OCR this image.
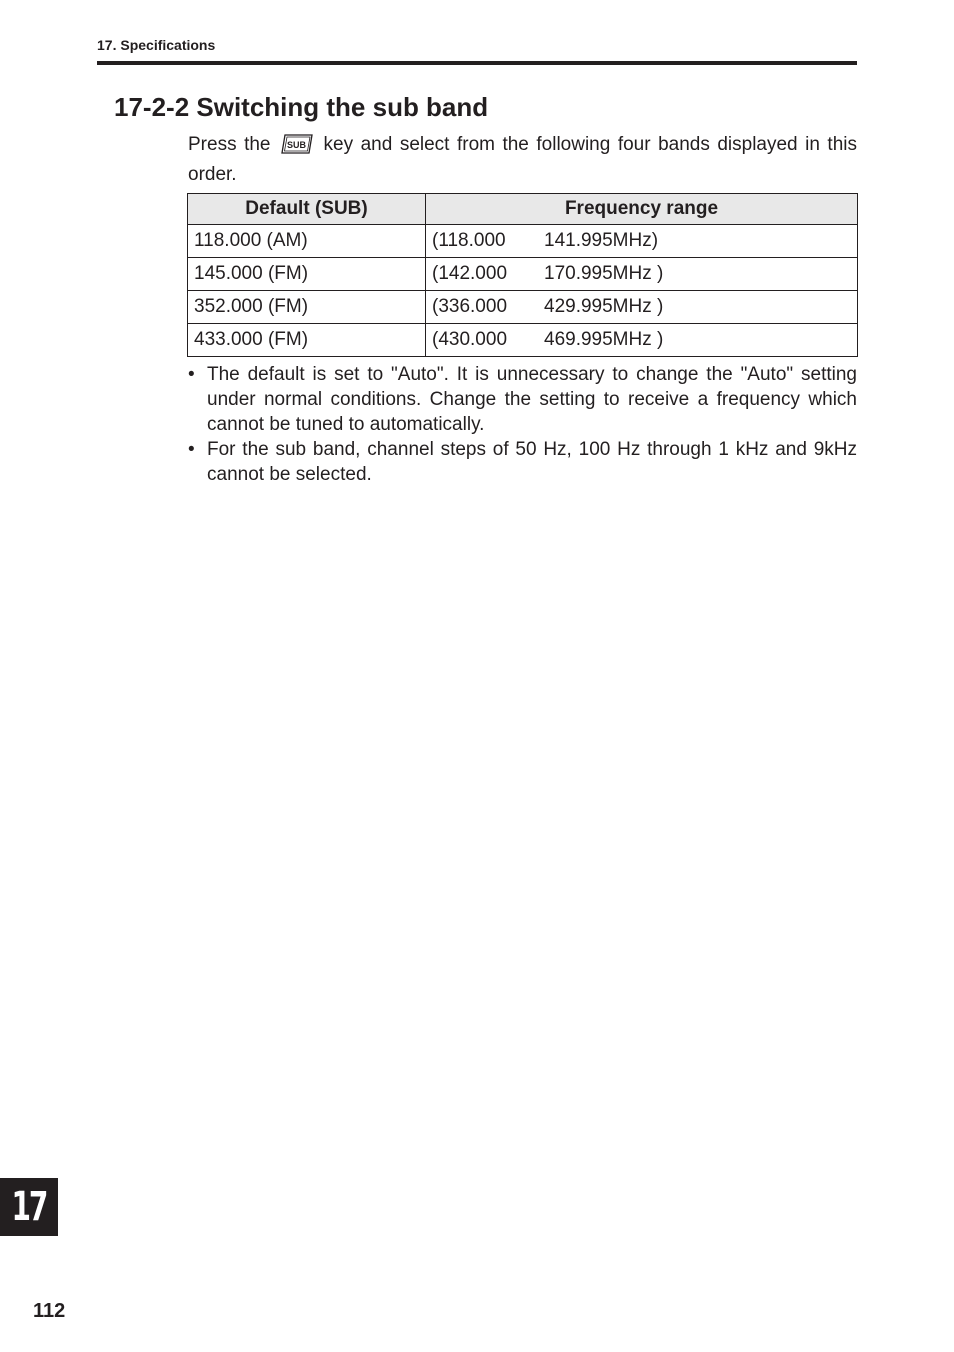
17. Specifications
17-2-2 Switching the sub band

Press the SUB key and select from the following four bands displayed in this order.

Default (SUB)	Frequency range
118.000 (AM)	(118.000 141.995MHz)
145.000 (FM)	(142.000 170.995MHz )
352.000 (FM)	(336.000 429.995MHz )
433.000 (FM)	(430.000 469.995MHz )
• The default is set to "Auto". It is unnecessary to change the "Auto" setting under normal conditions. Change the setting to receive a frequency which cannot be tuned to automatically.
• For the sub band, channel steps of 50 Hz, 100 Hz through 1 kHz and 9kHz cannot be selected.
17
112
